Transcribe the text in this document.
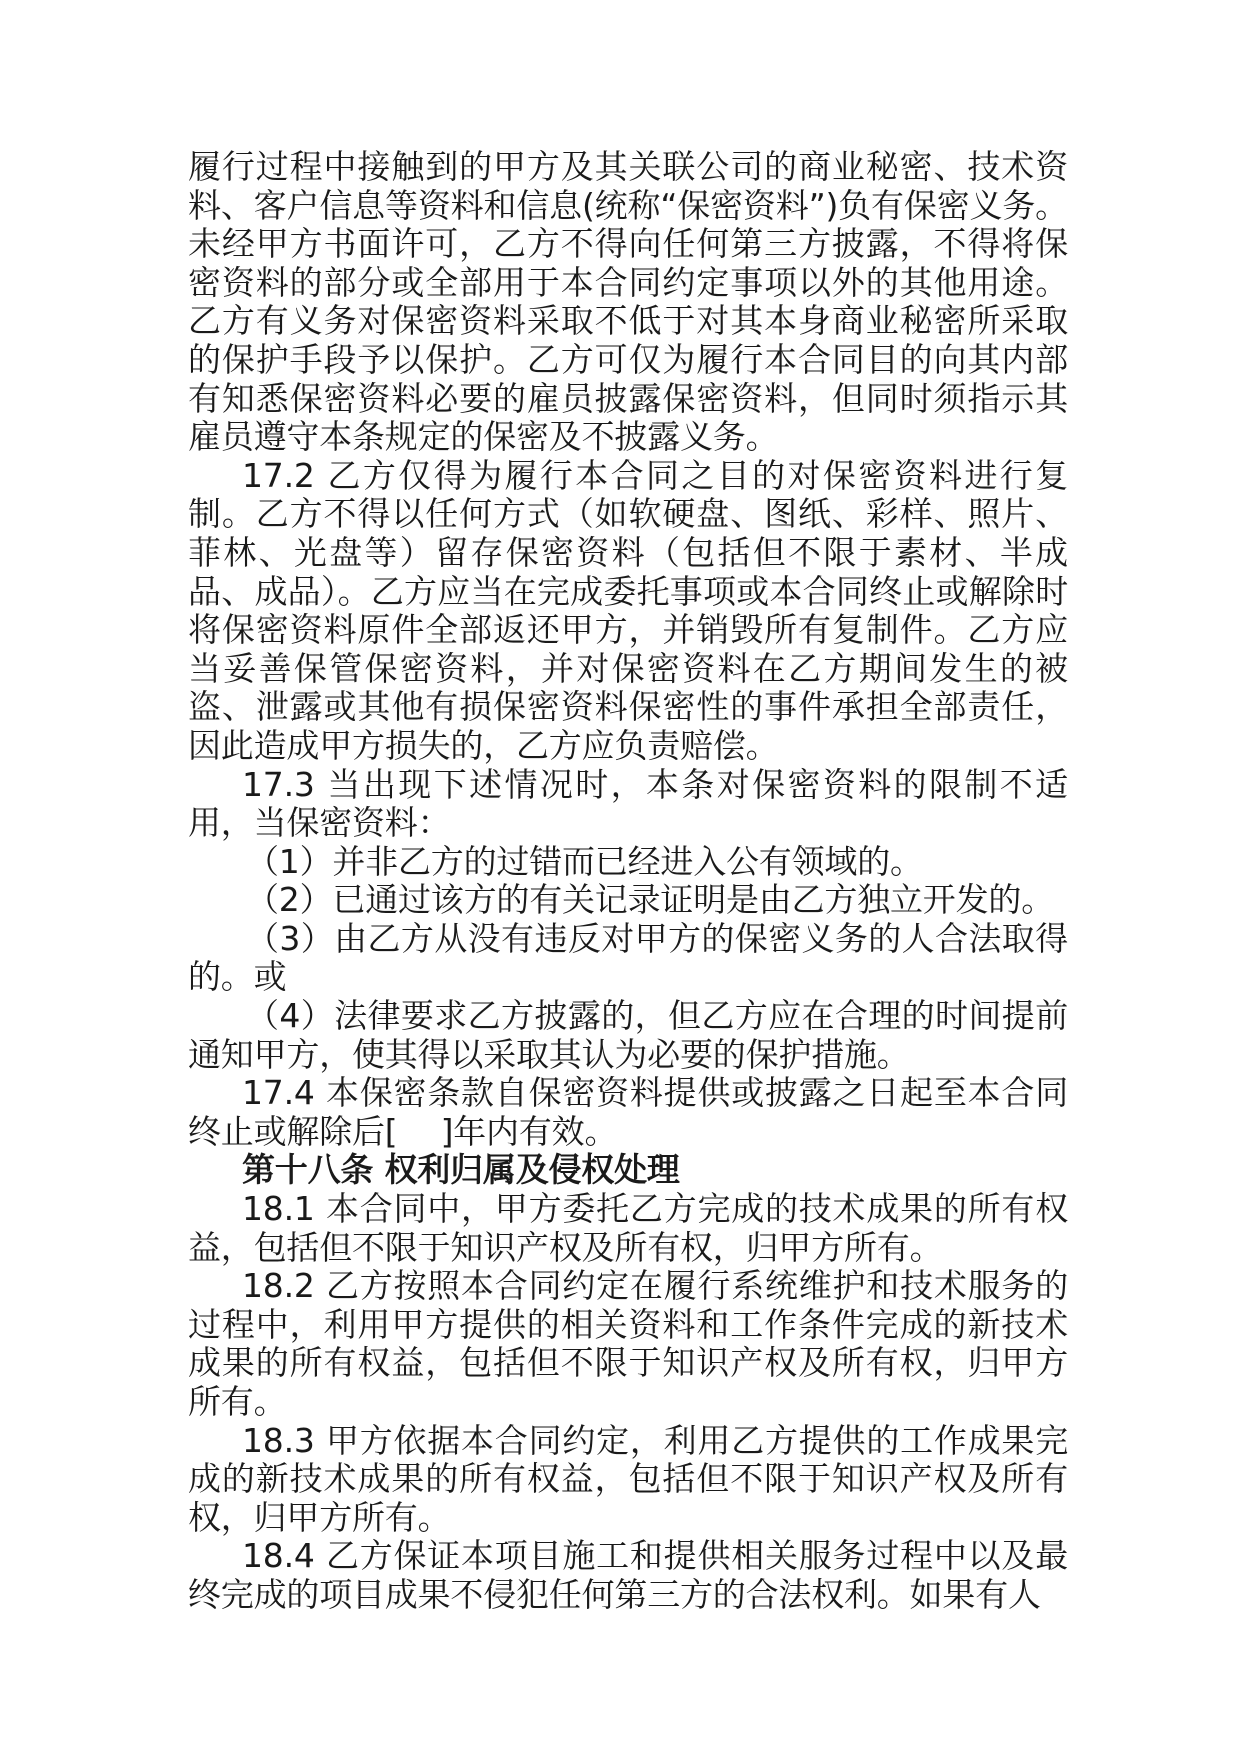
履行过程中接触到的甲方及其关联公司的商业秘密、技术资料、客户信息等资料和信息(统称“保密资料”)负有保密义务。未经甲方书面许可，乙方不得向任何第三方披露，不得将保密资料的部分或全部用于本合同约定事项以外的其他用途。乙方有义务对保密资料采取不低于对其本身商业秘密所采取的保护手段予以保护。乙方可仅为履行本合同目的向其内部有知悉保密资料必要的雇员披露保密资料，但同时须指示其雇员遵守本条规定的保密及不披露义务。

17.2 乙方仅得为履行本合同之目的对保密资料进行复制。乙方不得以任何方式（如软硬盘、图纸、彩样、照片、菲林、光盘等）留存保密资料（包括但不限于素材、半成品、成品）。乙方应当在完成委托事项或本合同终止或解除时将保密资料原件全部返还甲方，并销毁所有复制件。乙方应当妥善保管保密资料，并对保密资料在乙方期间发生的被盗、泄露或其他有损保密资料保密性的事件承担全部责任，因此造成甲方损失的，乙方应负责赔偿。

17.3 当出现下述情况时，本条对保密资料的限制不适用，当保密资料：

（1）并非乙方的过错而已经进入公有领域的。

（2）已通过该方的有关记录证明是由乙方独立开发的。

（3）由乙方从没有违反对甲方的保密义务的人合法取得的。或

（4）法律要求乙方披露的，但乙方应在合理的时间提前通知甲方，使其得以采取其认为必要的保护措施。

17.4 本保密条款自保密资料提供或披露之日起至本合同终止或解除后[　 ]年内有效。

第十八条 权利归属及侵权处理

18.1 本合同中，甲方委托乙方完成的技术成果的所有权益，包括但不限于知识产权及所有权，归甲方所有。

18.2 乙方按照本合同约定在履行系统维护和技术服务的过程中，利用甲方提供的相关资料和工作条件完成的新技术成果的所有权益，包括但不限于知识产权及所有权，归甲方所有。

18.3 甲方依据本合同约定，利用乙方提供的工作成果完成的新技术成果的所有权益，包括但不限于知识产权及所有权，归甲方所有。

18.4 乙方保证本项目施工和提供相关服务过程中以及最终完成的项目成果不侵犯任何第三方的合法权利。如果有人
